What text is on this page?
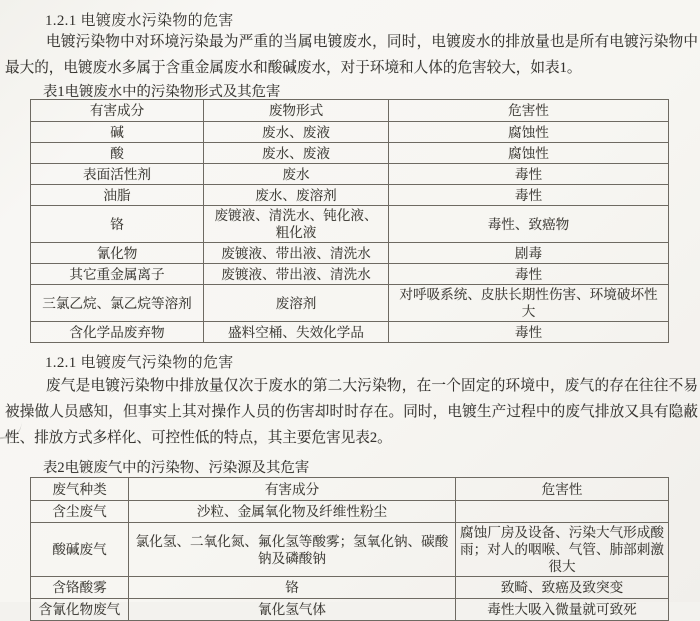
1.2.1 电镀废水污染物的危害

电镀污染物中对环境污染最为严重的当属电镀废水，同时，电镀废水的排放量也是所有电镀污染物中最大的，电镀废水多属于含重金属废水和酸碱废水，对于环境和人体的危害较大，如表1。

表1电镀废水中的污染物形式及其危害
有害成分	废物形式	危害性
碱	废水、废液	腐蚀性
酸	废水、废液	腐蚀性
表面活性剂	废水	毒性
油脂	废水、废溶剂	毒性
铬	废镀液、清洗水、钝化液、粗化液	毒性、致癌物
氰化物	废镀液、带出液、清洗水	剧毒
其它重金属离子	废镀液、带出液、清洗水	毒性
三氯乙烷、氯乙烷等溶剂	废溶剂	对呼吸系统、皮肤长期性伤害、环境破坏性大
含化学品废弃物	盛料空桶、失效化学品	毒性
1.2.1 电镀废气污染物的危害

废气是电镀污染物中排放量仅次于废水的第二大污染物，在一个固定的环境中，废气的存在往往不易被操做人员感知，但事实上其对操作人员的伤害却时时存在。同时，电镀生产过程中的废气排放又具有隐蔽性、排放方式多样化、可控性低的特点，其主要危害见表2。

表2电镀废气中的污染物、污染源及其危害
废气种类	有害成分	危害性
含尘废气	沙粒、金属氧化物及纤维性粉尘	
酸碱废气	氯化氢、二氧化氮、氟化氢等酸雾；氢氧化钠、碳酸钠及磷酸钠	腐蚀厂房及设备、污染大气形成酸雨；对人的咽喉、气管、肺部刺激很大
含铬酸雾	铬	致畸、致癌及致突变
含氰化物废气	氰化氢气体	毒性大吸入微量就可致死
